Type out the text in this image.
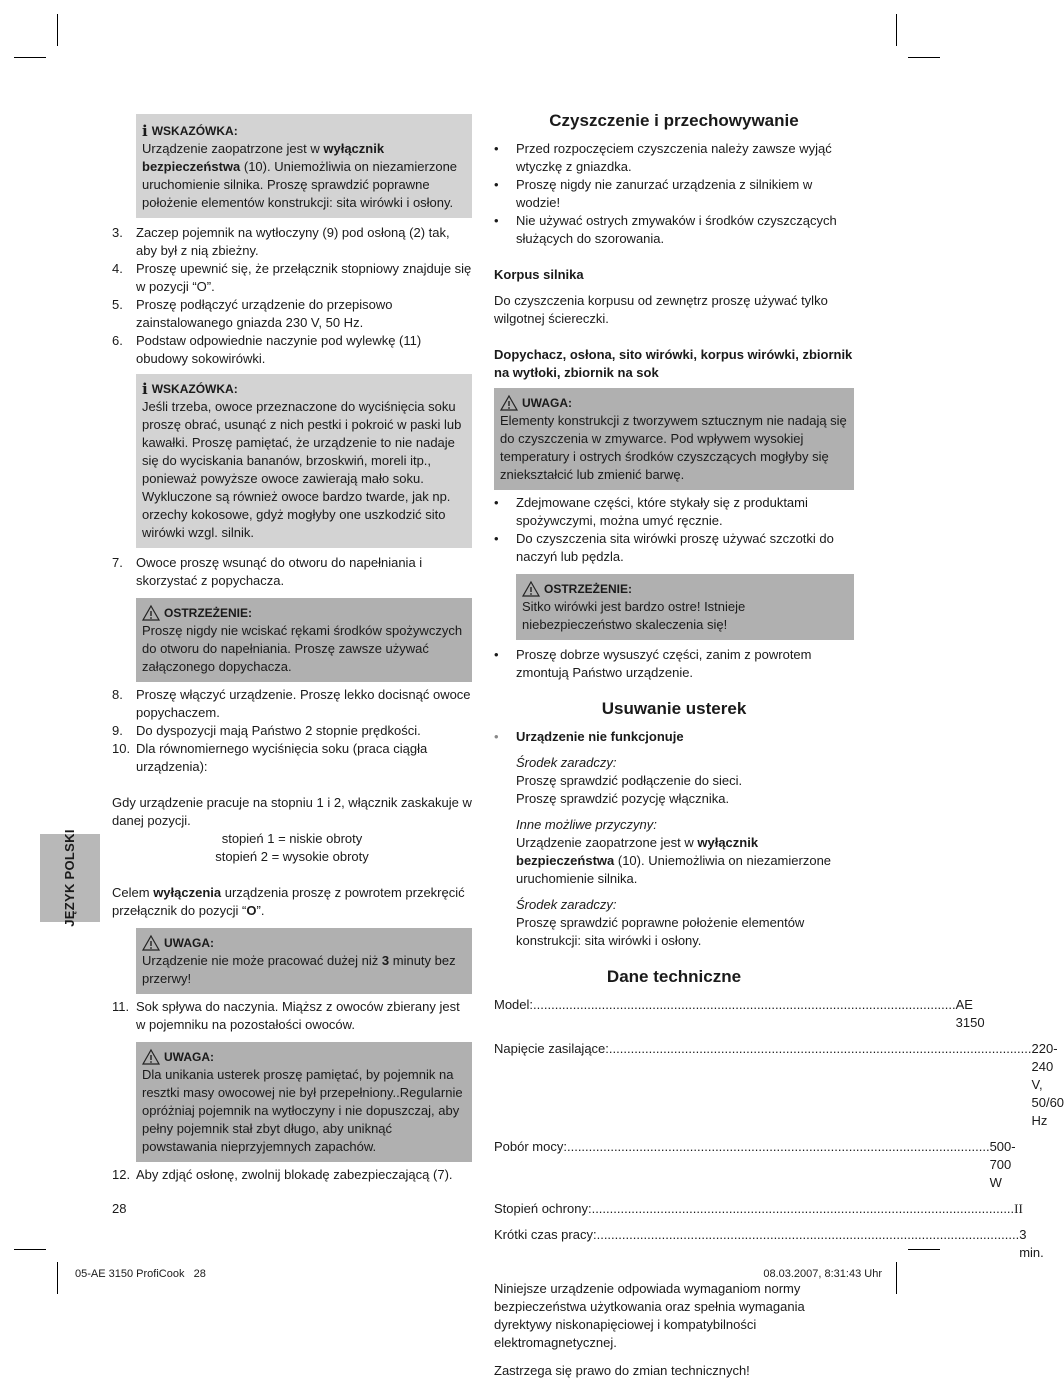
i WSKAZÓWKA:

Urządzenie zaopatrzone jest w wyłącznik bezpieczeństwa (10). Uniemożliwia on niezamierzone uruchomienie silnika. Proszę sprawdzić poprawne położenie elementów konstrukcji: sita wirówki i osłony.

3. Zaczep pojemnik na wytłoczyny (9) pod osłoną (2) tak, aby był z nią zbieżny.
4. Proszę upewnić się, że przełącznik stopniowy znajduje się w pozycji “O”.
5. Proszę podłączyć urządzenie do przepisowo zainstalowanego gniazda 230 V, 50 Hz.
6. Podstaw odpowiednie naczynie pod wylewkę (11) obudowy sokowirówki.
i WSKAZÓWKA:

Jeśli trzeba, owoce przeznaczone do wyciśnięcia soku proszę obrać, usunąć z nich pestki i pokroić w paski lub kawałki. Proszę pamiętać, że urządzenie to nie nadaje się do wyciskania bananów, brzoskwiń, moreli itp., ponieważ powyższe owoce zawierają mało soku. Wykluczone są również owoce bardzo twarde, jak np. orzechy kokosowe, gdyż mogłyby one uszkodzić sito wirówki wzgl. silnik.

7. Owoce proszę wsunąć do otworu do napełniania i skorzystać z popychacza.
OSTRZEŻENIE:

Proszę nigdy nie wciskać rękami środków spożywczych do otworu do napełniania. Proszę zawsze używać załączonego dopychacza.

8. Proszę włączyć urządzenie. Proszę lekko docisnąć owoce popychaczem.
9. Do dyspozycji mają Państwo 2 stopnie prędkości.
10. Dla równomiernego wyciśnięcia soku (praca ciągła urządzenia):

Gdy urządzenie pracuje na stopniu 1 i 2, włącznik zaskakuje w danej pozycji.

stopień 1 = niskie obroty

stopień 2 = wysokie obroty

Celem wyłączenia urządzenia proszę z powrotem przekręcić przełącznik do pozycji “O”.

UWAGA:

Urządzenie nie może pracować dużej niż 3 minuty bez przerwy!

11. Sok spływa do naczynia. Miąższ z owoców zbierany jest w pojemniku na pozostałości owoców.
UWAGA:

Dla unikania usterek proszę pamiętać, by pojemnik na resztki masy owocowej nie był przepełniony..Regularnie opróżniaj pojemnik na wytłoczyny i nie dopuszczaj, aby pełny pojemnik stał zbyt długo, aby uniknąć powstawania nieprzyjemnych zapachów.

12. Aby zdjąć osłonę, zwolnij blokadę zabezpieczającą (7).
Czyszczenie i przechowywanie
• Przed rozpoczęciem czyszczenia należy zawsze wyjąć wtyczkę z gniazdka.
• Proszę nigdy nie zanurzać urządzenia z silnikiem w wodzie!
• Nie używać ostrych zmywaków i środków czyszczących służących do szorowania.
Korpus silnika

Do czyszczenia korpusu od zewnętrz proszę używać tylko wilgotnej ściereczki.

Dopychacz, osłona, sito wirówki, korpus wirówki, zbiornik na wytłoki, zbiornik na sok
UWAGA:

Elementy konstrukcji z tworzywem sztucznym nie nadają się do czyszczenia w zmywarce. Pod wpływem wysokiej temperatury i ostrych środków czyszczących mogłyby się zniekształcić lub zmienić barwę.

• Zdejmowane części, które stykały się z produktami spożywczymi, można umyć ręcznie.
• Do czyszczenia sita wirówki proszę używać szczotki do naczyń lub pędzla.
OSTRZEŻENIE:

Sitko wirówki jest bardzo ostre! Istnieje niebezpieczeństwo skaleczenia się!

• Proszę dobrze wysuszyć części, zanim z powrotem zmontują Państwo urządzenie.
Usuwanie usterek
• Urządzenie nie funkcjonuje

Środek zaradczy:

Proszę sprawdzić podłączenie do sieci.

Proszę sprawdzić pozycję włącznika.

Inne możliwe przyczyny:

Urządzenie zaopatrzone jest w wyłącznik bezpieczeństwa (10). Uniemożliwia on niezamierzone uruchomienie silnika.

Środek zaradczy:

Proszę sprawdzić poprawne położenie elementów konstrukcji: sita wirówki i osłony.

Dane techniczne
Model: ..................................................................................................................... AE 3150
Napięcie zasilające: ..................................................................................................................... 220-240 V, 50/60 Hz
Pobór mocy: ..................................................................................................................... 500-700 W
Stopień ochrony: ..................................................................................................................... II
Krótki czas pracy: ..................................................................................................................... 3 min.

Niniejsze urządzenie odpowiada wymaganiom normy bezpieczeństwa użytkowania oraz spełnia wymagania dyrektywy niskonapięciowej i kompatybilności elektromagnetycznej.

Zastrzega się prawo do zmian technicznych!

JĘZYK POLSKI
28
05-AE 3150 ProfiCook   28	08.03.2007, 8:31:43 Uhr
